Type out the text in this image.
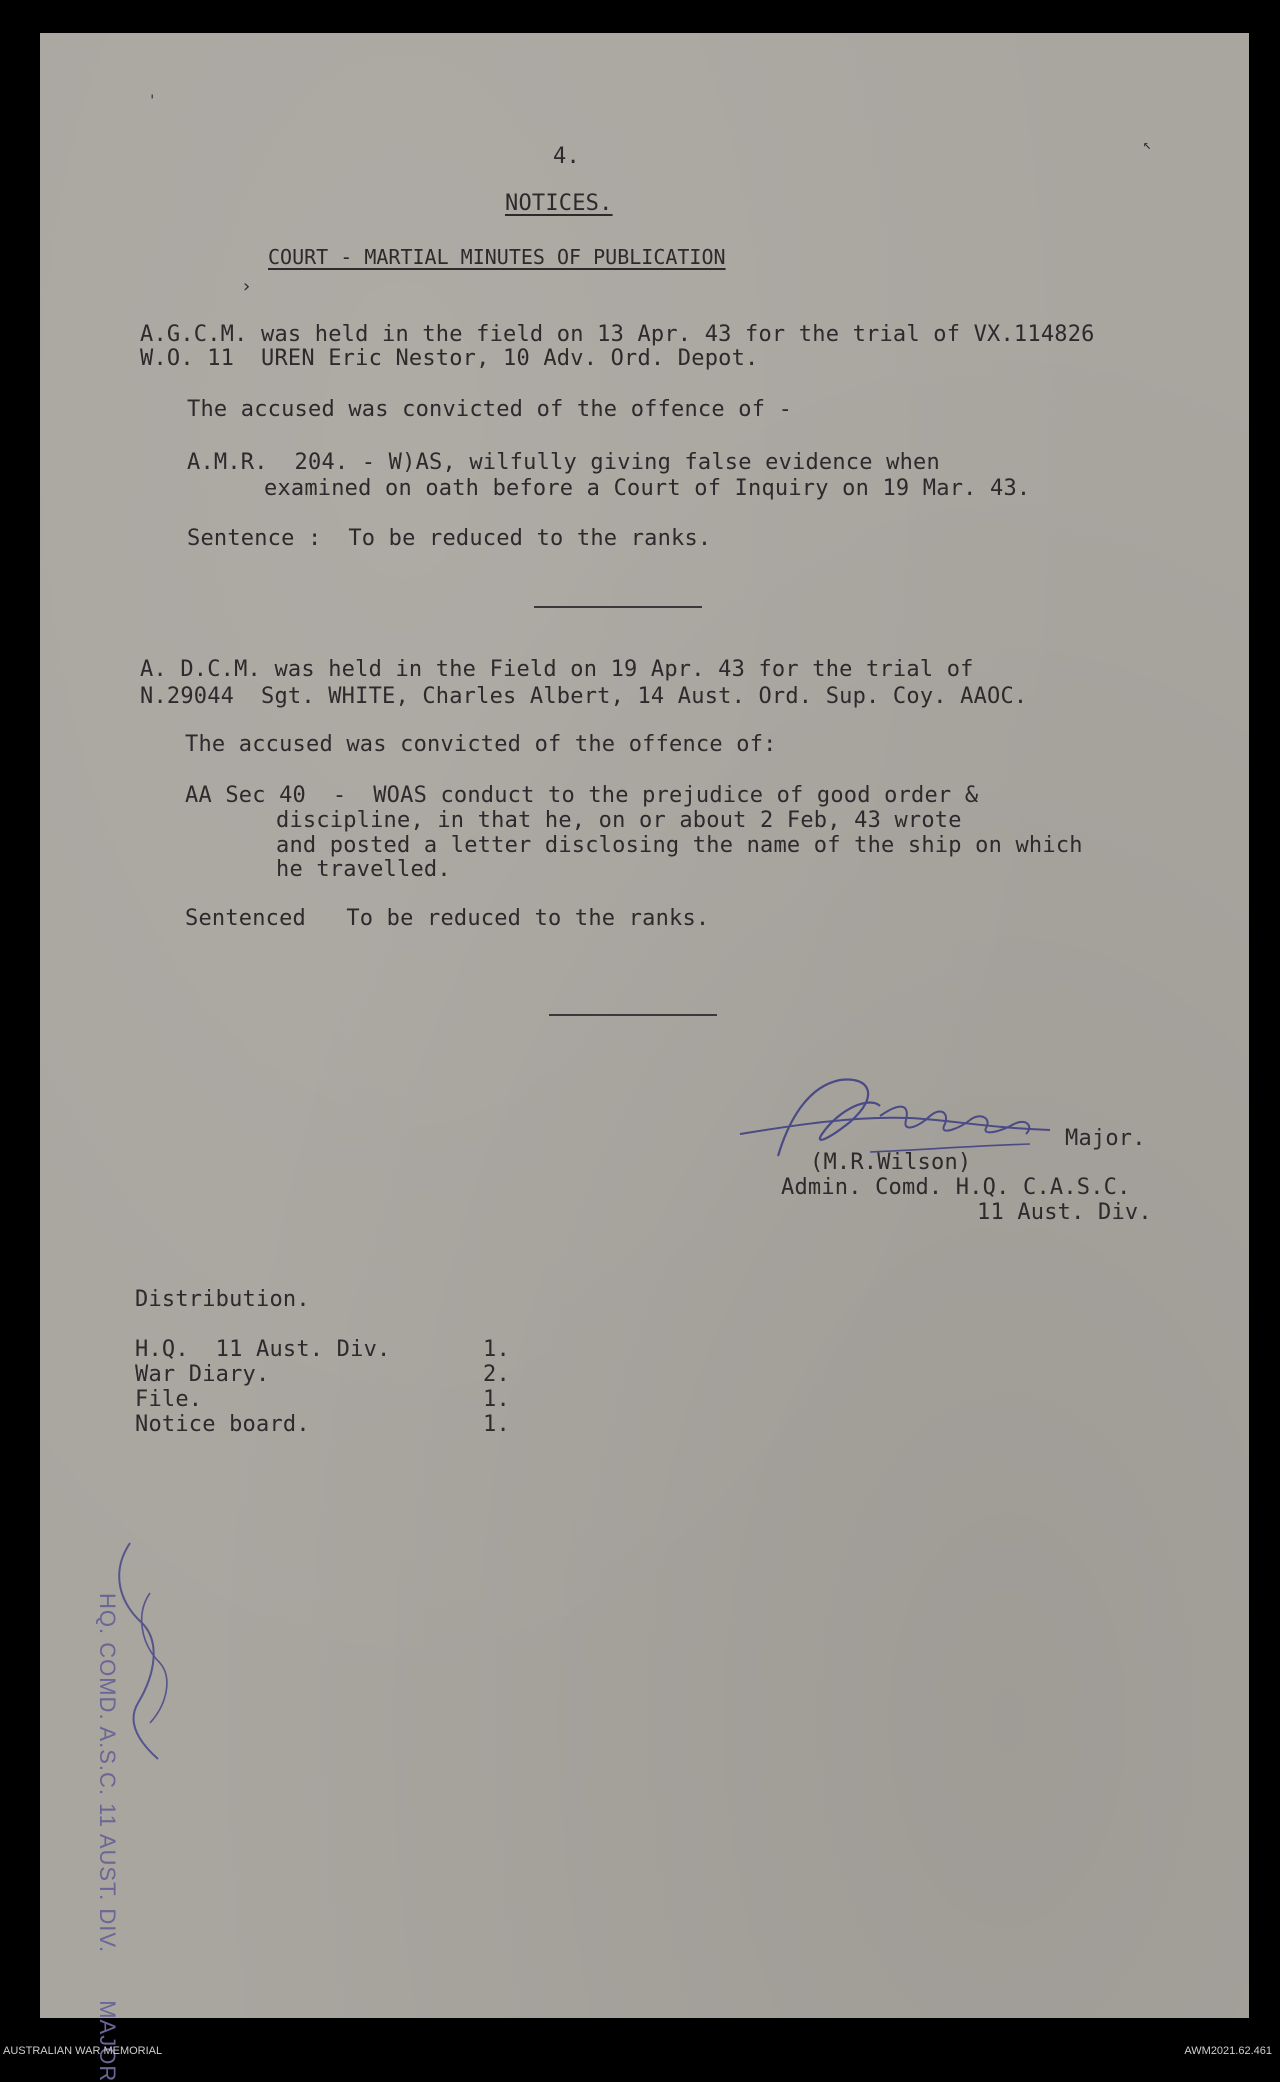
'
↖
4.
NOTICES.
COURT - MARTIAL MINUTES OF PUBLICATION
›
A.G.C.M. was held in the field on 13 Apr. 43 for the trial of VX.114826
W.O. 11  UREN Eric Nestor, 10 Adv. Ord. Depot.
The accused was convicted of the offence of -
A.M.R.  204. - W)AS, wilfully giving false evidence when
examined on oath before a Court of Inquiry on 19 Mar. 43.
Sentence :  To be reduced to the ranks.
A. D.C.M. was held in the Field on 19 Apr. 43 for the trial of
N.29044  Sgt. WHITE, Charles Albert, 14 Aust. Ord. Sup. Coy. AAOC.
The accused was convicted of the offence of:
AA Sec 40  -  WOAS conduct to the prejudice of good order &
discipline, in that he, on or about 2 Feb, 43 wrote
and posted a letter disclosing the name of the ship on which
he travelled.
Sentenced   To be reduced to the ranks.
Major.
(M.R.Wilson)
Admin. Comd. H.Q. C.A.S.C.
11 Aust. Div.
Distribution.
H.Q.  11 Aust. Div.	1.
War Diary.	2.
File.	1.
Notice board.	1.
HQ. COMD. A.S.C. 11 AUST. DIV. MAJOR
AUSTRALIAN WAR MEMORIAL	AWM2021.62.461
